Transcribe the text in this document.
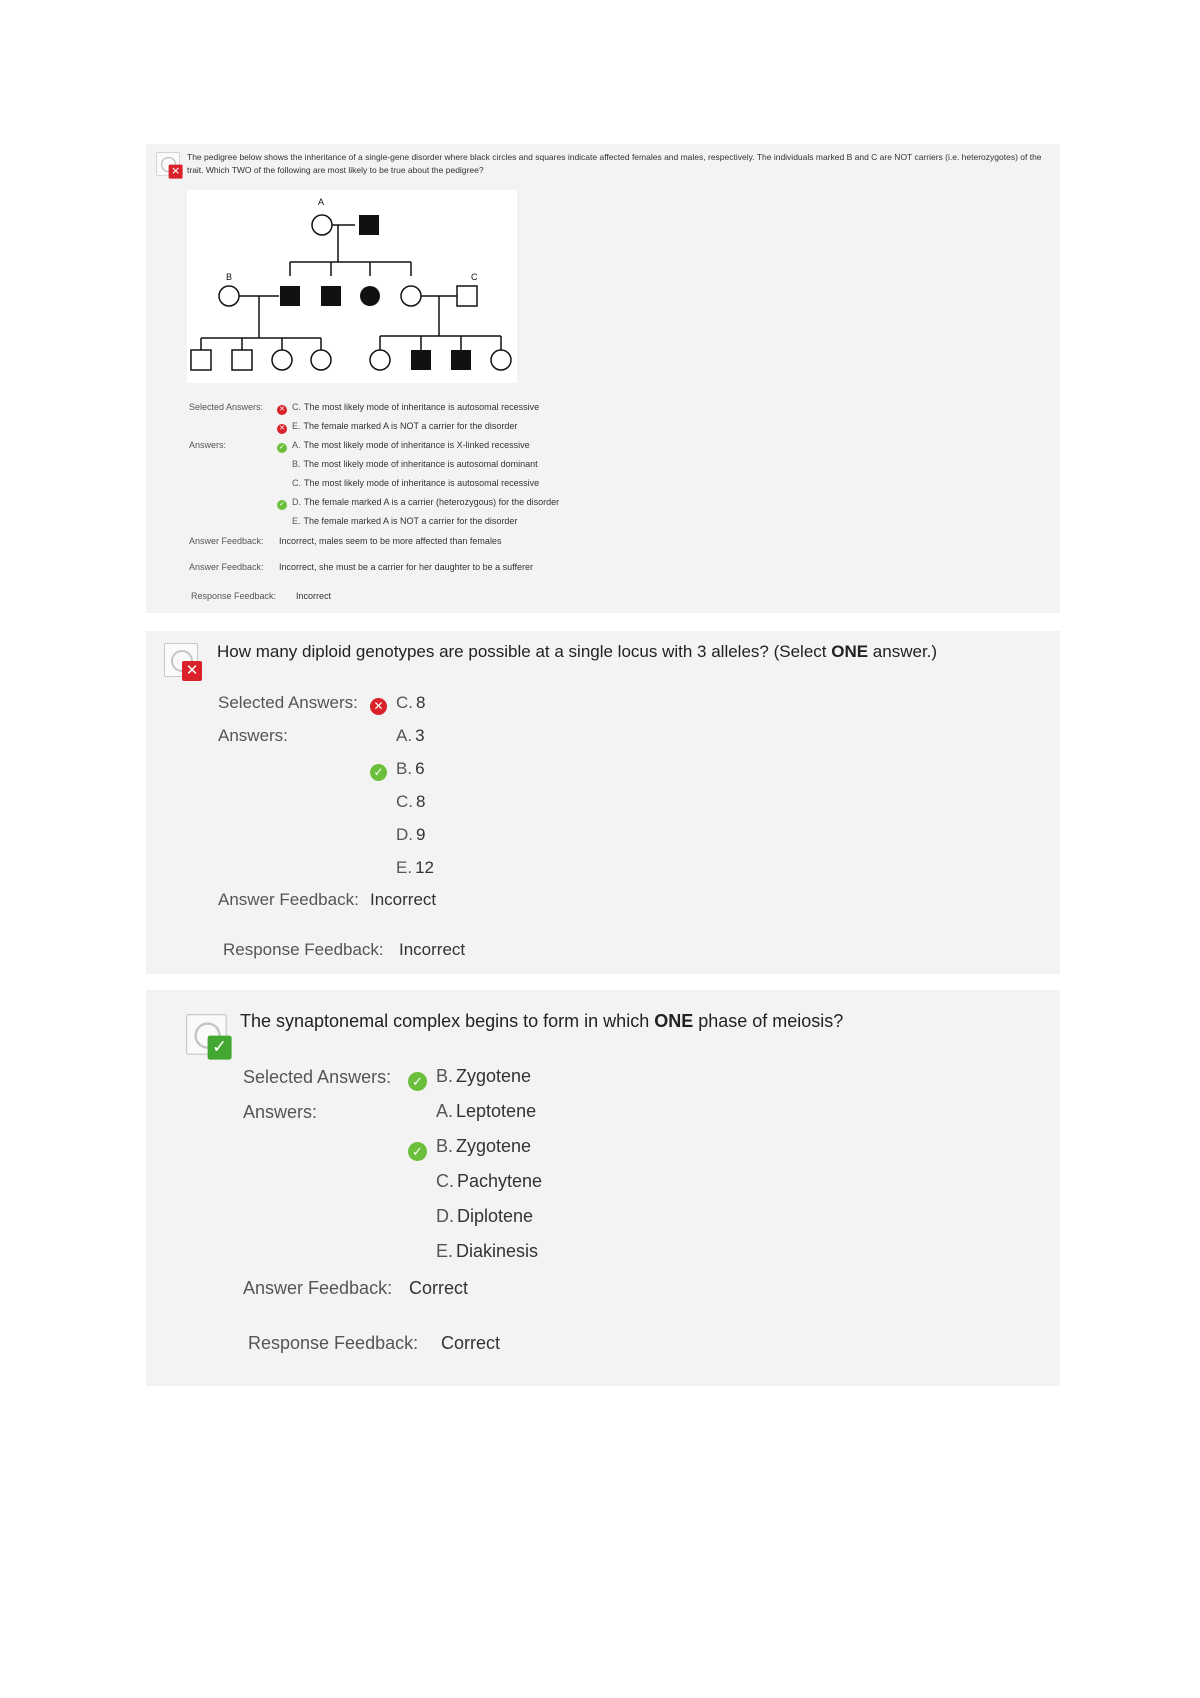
✕
The pedigree below shows the inheritance of a single-gene disorder where black circles and squares indicate affected females and males, respectively. The individuals marked B and C are NOT carriers (i.e. heterozygotes) of the trait. Which TWO of the following are most likely to be true about the pedigree?
A
B	C
Selected Answers: ✕ C. The most likely mode of inheritance is autosomal recessive
✕ E. The female marked A is NOT a carrier for the disorder
Answers:	✓ A. The most likely mode of inheritance is X-linked recessive
B. The most likely mode of inheritance is autosomal dominant
C. The most likely mode of inheritance is autosomal recessive
✓ D. The female marked A is a carrier (heterozygous) for the disorder
E. The female marked A is NOT a carrier for the disorder
Answer Feedback: Incorrect, males seem to be more affected than females
Answer Feedback: Incorrect, she must be a carrier for her daughter to be a sufferer
Response Feedback: Incorrect
✕
How many diploid genotypes are possible at a single locus with 3 alleles? (Select ONE answer.)
Selected Answers: ✕ C. 8
Answers:	A. 3
✓ B. 6
C. 8
D. 9
E. 12
Answer Feedback: Incorrect
Response Feedback: Incorrect
✓
The synaptonemal complex begins to form in which ONE phase of meiosis?
Selected Answers:	✓ B. Zygotene
Answers:	A. Leptotene
✓ B. Zygotene
C. Pachytene
D. Diplotene
E. Diakinesis
Answer Feedback: Correct
Response Feedback: Correct
